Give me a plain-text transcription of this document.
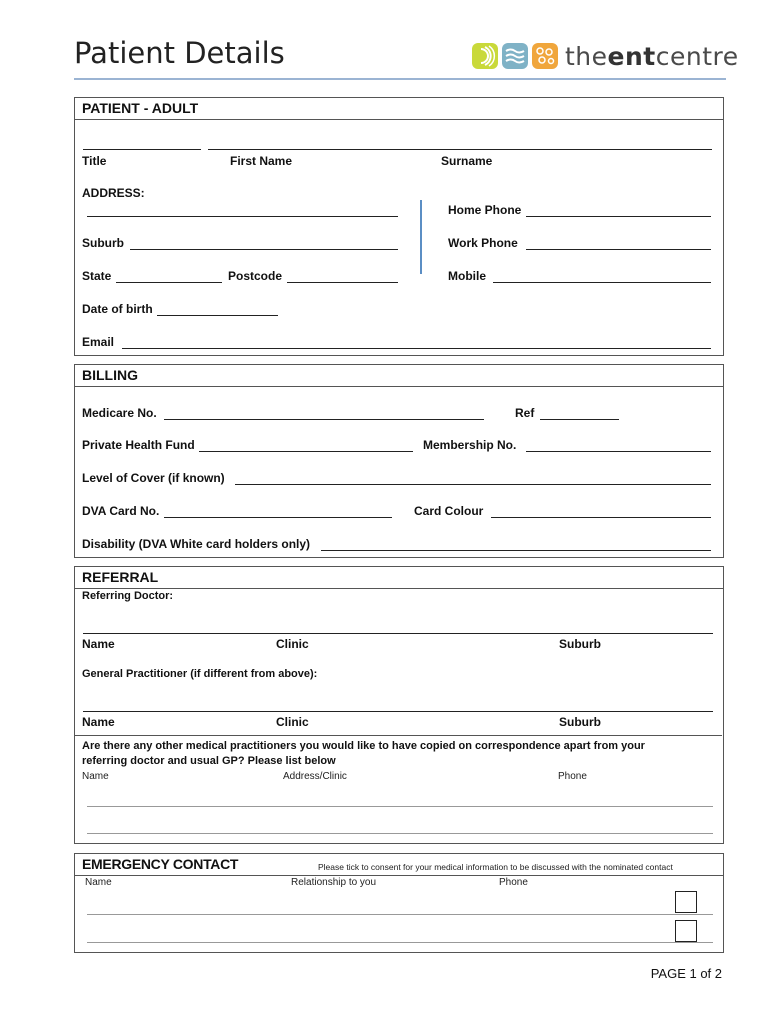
Patient Details	theentcentre
PATIENT - ADULT
Title	First Name	Surname
ADDRESS:
Home Phone
Suburb	Work Phone
State	Postcode	Mobile
Date of birth
Email
BILLING
Medicare No.	Ref
Private Health Fund	Membership No.
Level of Cover (if known)
DVA Card No.	Card Colour
Disability (DVA White card holders only)
REFERRAL
Referring Doctor:
Name	Clinic	Suburb
General Practitioner (if different from above):
Name	Clinic	Suburb
Are there any other medical practitioners you would like to have copied on correspondence apart from your
referring doctor and usual GP? Please list below
Name	Address/Clinic	Phone
EMERGENCY CONTACT	Please tick to consent for your medical information to be discussed with the nominated contact
Name	Relationship to you	Phone
PAGE 1 of 2
